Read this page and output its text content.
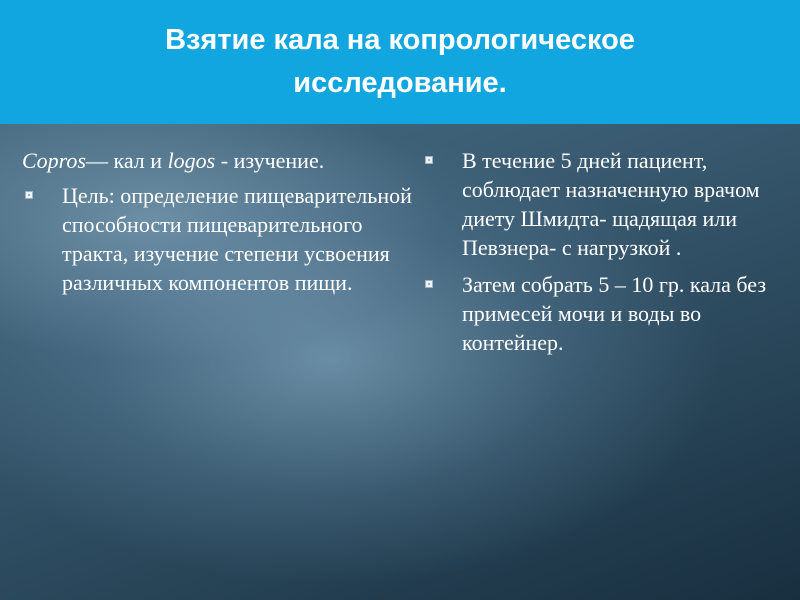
Взятие кала на копрологическое исследование.
Copros— кал и logos - изучение.
Цель: определение пищеварительной способности пищеварительного тракта, изучение степени усвоения различных компонентов пищи.
В течение 5 дней пациент, соблюдает назначенную врачом диету Шмидта- щадящая или Певзнера- с нагрузкой .
Затем собрать 5 – 10 гр. кала без примесей мочи и воды во контейнер.
